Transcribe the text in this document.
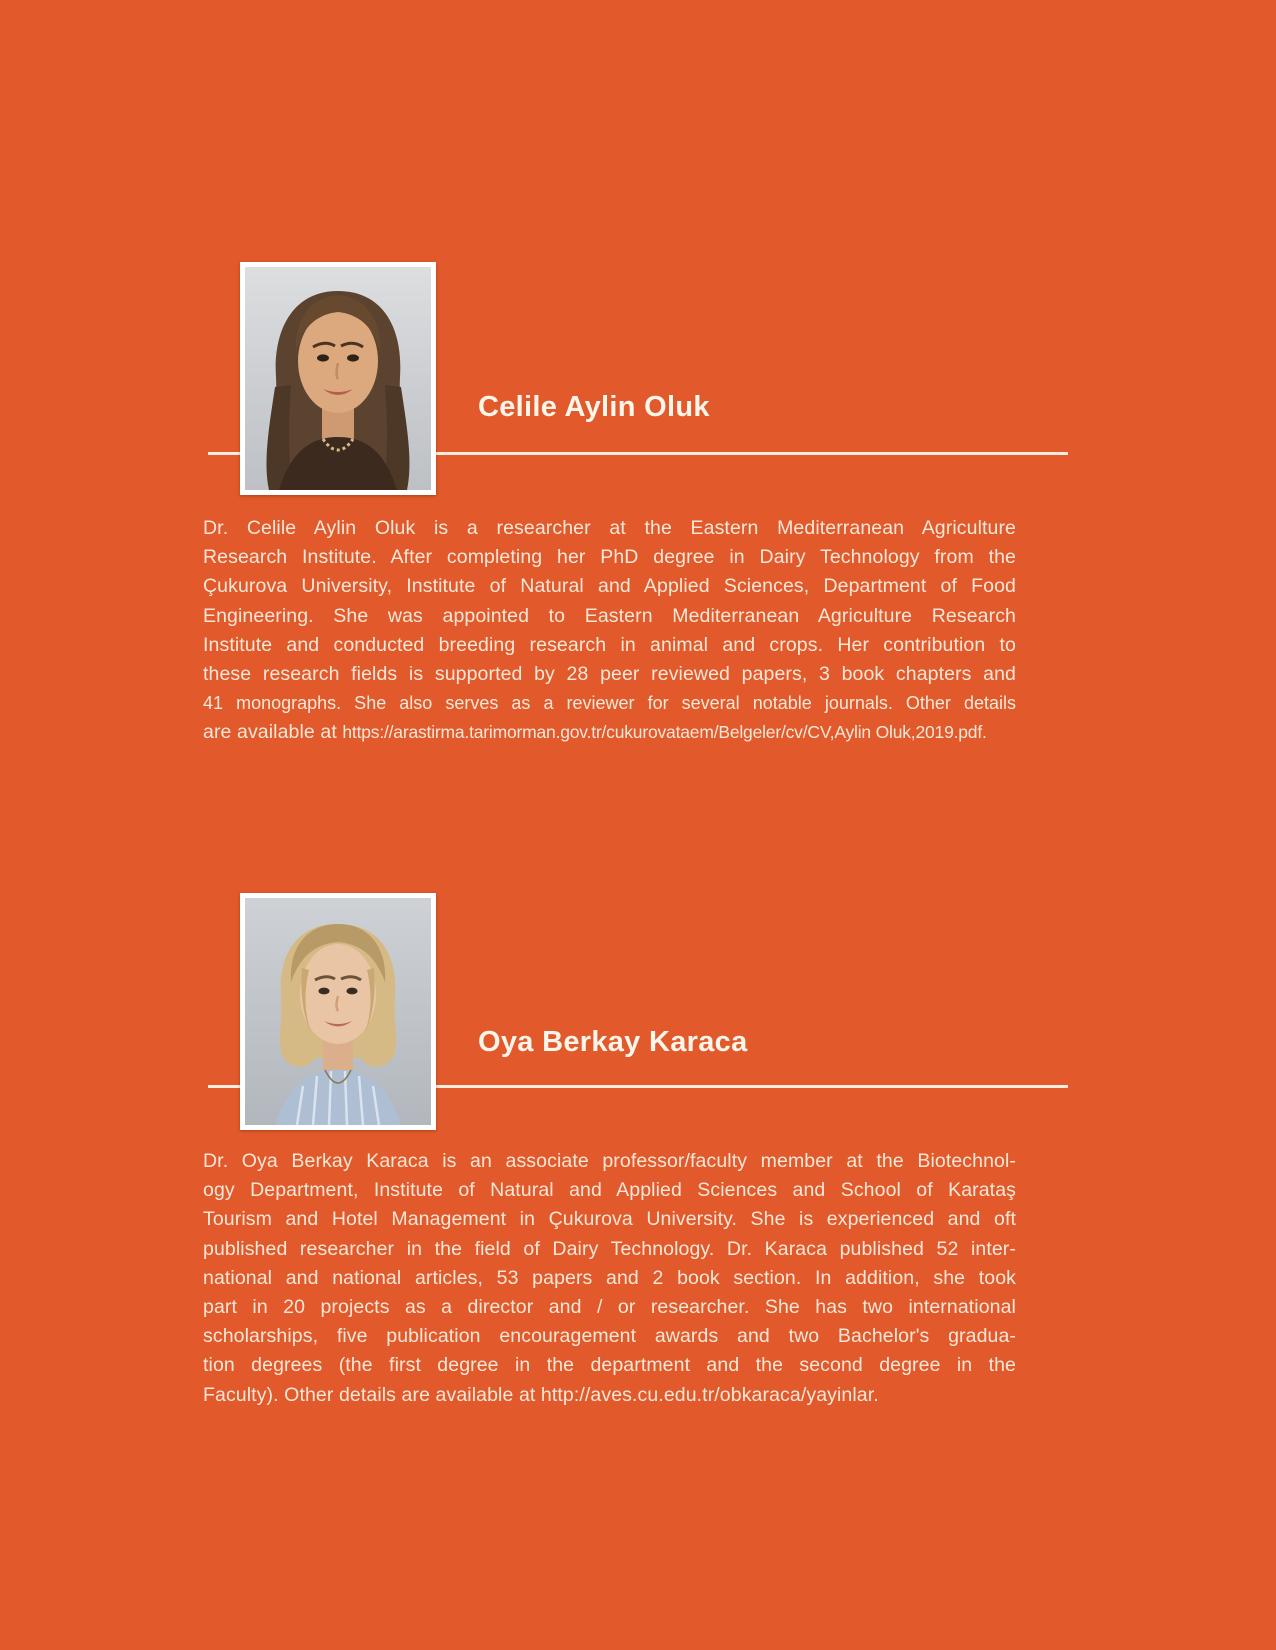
Celile Aylin Oluk
Dr. Celile Aylin Oluk is a researcher at the Eastern Mediterranean Agriculture
Research Institute. After completing her PhD degree in Dairy Technology from the
Çukurova University, Institute of Natural and Applied Sciences, Department of Food
Engineering. She was appointed to Eastern Mediterranean Agriculture Research
Institute and conducted breeding research in animal and crops. Her contribution to
these research fields is supported by 28 peer reviewed papers, 3 book chapters and
41 monographs. She also serves as a reviewer for several notable journals. Other details
are available at https://arastirma.tarimorman.gov.tr/cukurovataem/Belgeler/cv/CV,Aylin Oluk,2019.pdf.
Oya Berkay Karaca
Dr. Oya Berkay Karaca is an associate professor/faculty member at the Biotechnol-
ogy Department, Institute of Natural and Applied Sciences and School of Karataş
Tourism and Hotel Management in Çukurova University. She is experienced and oft
published researcher in the field of Dairy Technology. Dr. Karaca published 52 inter-
national and national articles, 53 papers and 2 book section. In addition, she took
part in 20 projects as a director and / or researcher. She has two international
scholarships, five publication encouragement awards and two Bachelor's gradua-
tion degrees (the first degree in the department and the second degree in the
Faculty). Other details are available at http://aves.cu.edu.tr/obkaraca/yayinlar.
